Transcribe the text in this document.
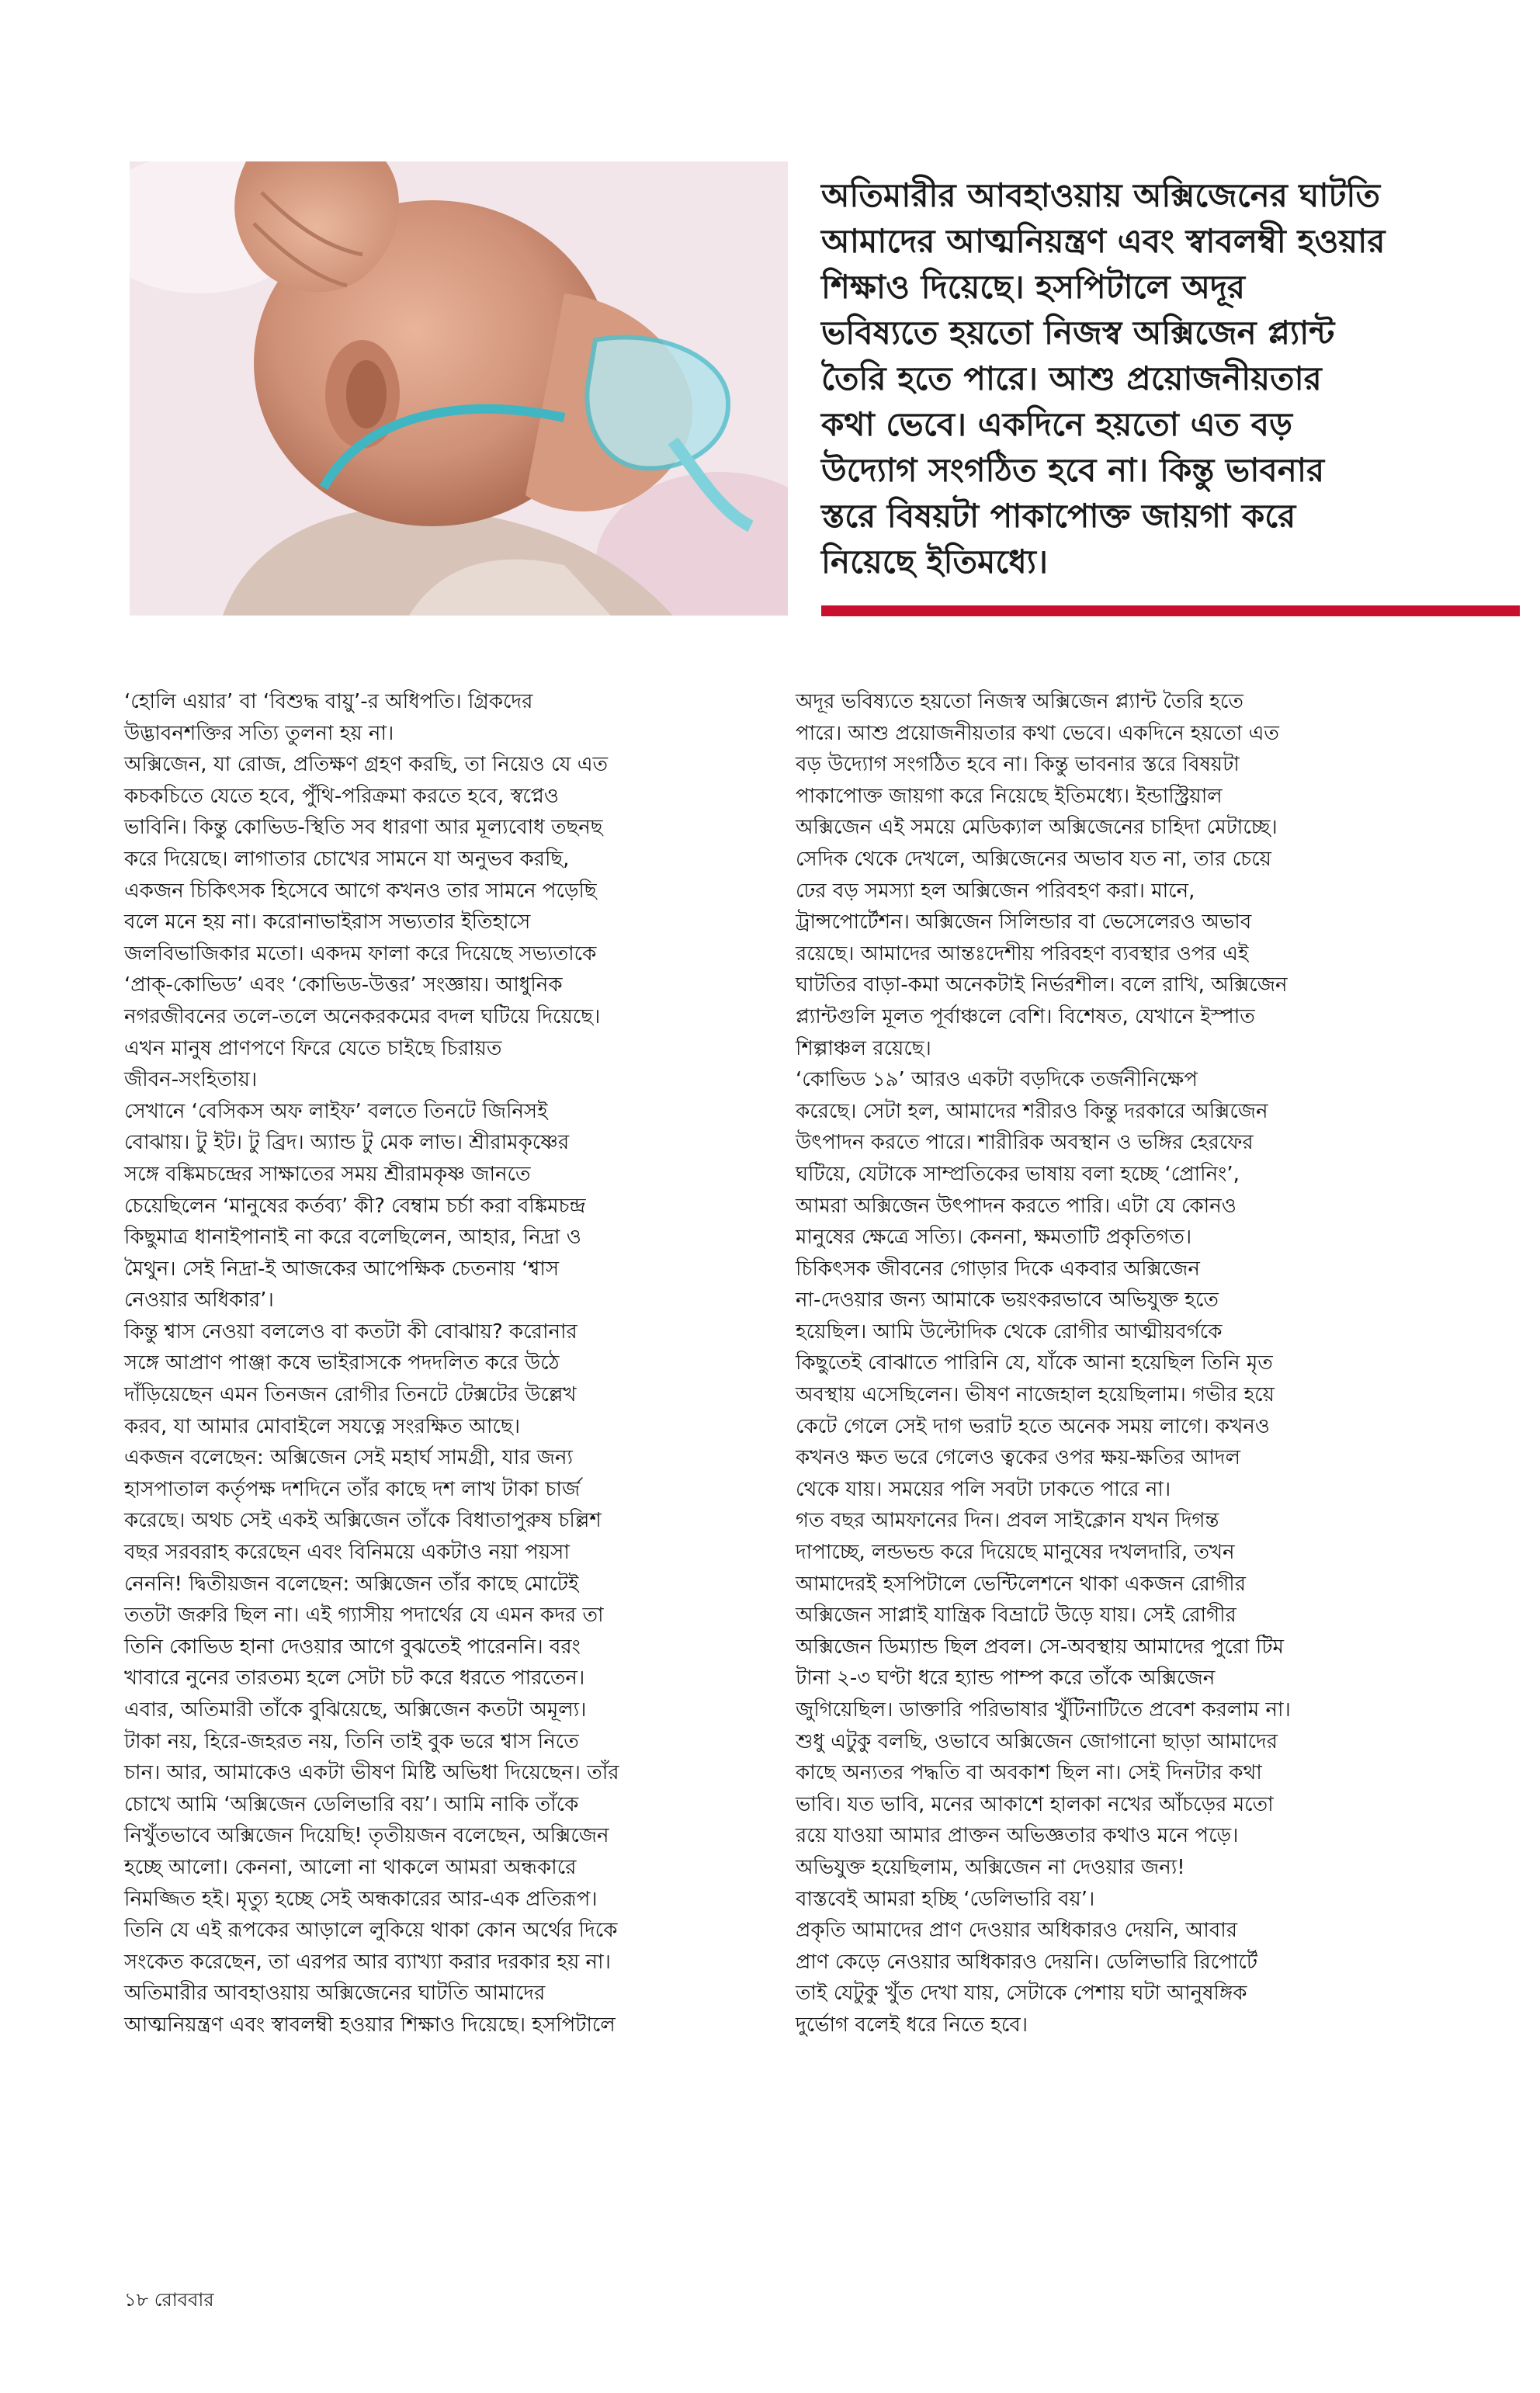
অতিমারীর আবহাওয়ায় অক্সিজেনের ঘাটতি
আমাদের আত্মনিয়ন্ত্রণ এবং স্বাবলম্বী হওয়ার
শিক্ষাও দিয়েছে। হসপিটালে অদূর
ভবিষ্যতে হয়তো নিজস্ব অক্সিজেন প্ল্যান্ট
তৈরি হতে পারে। আশু প্রয়োজনীয়তার
কথা ভেবে। একদিনে হয়তো এত বড়
উদ্যোগ সংগঠিত হবে না। কিন্তু ভাবনার
স্তরে বিষয়টা পাকাপোক্ত জায়গা করে
নিয়েছে ইতিমধ্যে।
‘হোলি এয়ার’ বা ‘বিশুদ্ধ বায়ু’-র অধিপতি। গ্রিকদের
উদ্ভাবনশক্তির সত্যি তুলনা হয় না।
অক্সিজেন, যা রোজ, প্রতিক্ষণ গ্রহণ করছি, তা নিয়েও যে এত
কচকচিতে যেতে হবে, পুঁথি-পরিক্রমা করতে হবে, স্বপ্নেও
ভাবিনি। কিন্তু কোভিড-স্থিতি সব ধারণা আর মূল্যবোধ তছনছ
করে দিয়েছে। লাগাতার চোখের সামনে যা অনুভব করছি,
একজন চিকিৎসক হিসেবে আগে কখনও তার সামনে পড়েছি
বলে মনে হয় না। করোনাভাইরাস সভ্যতার ইতিহাসে
জলবিভাজিকার মতো। একদম ফালা করে দিয়েছে সভ্যতাকে
‘প্রাক্-কোভিড’ এবং ‘কোভিড-উত্তর’ সংজ্ঞায়। আধুনিক
নগরজীবনের তলে-তলে অনেকরকমের বদল ঘটিয়ে দিয়েছে।
এখন মানুষ প্রাণপণে ফিরে যেতে চাইছে চিরায়ত
জীবন-সংহিতায়।
সেখানে ‘বেসিকস অফ লাইফ’ বলতে তিনটে জিনিসই
বোঝায়। টু ইট। টু ব্রিদ। অ্যান্ড টু মেক লাভ। শ্রীরামকৃষ্ণের
সঙ্গে বঙ্কিমচন্দ্রের সাক্ষাতের সময় শ্রীরামকৃষ্ণ জানতে
চেয়েছিলেন ‘মানুষের কর্তব্য’ কী? বেম্বাম চর্চা করা বঙ্কিমচন্দ্র
কিছুমাত্র ধানাইপানাই না করে বলেছিলেন, আহার, নিদ্রা ও
মৈথুন। সেই নিদ্রা-ই আজকের আপেক্ষিক চেতনায় ‘শ্বাস
নেওয়ার অধিকার’।
কিন্তু শ্বাস নেওয়া বললেও বা কতটা কী বোঝায়? করোনার
সঙ্গে আপ্রাণ পাঞ্জা কষে ভাইরাসকে পদদলিত করে উঠে
দাঁড়িয়েছেন এমন তিনজন রোগীর তিনটে টেক্সটের উল্লেখ
করব, যা আমার মোবাইলে সযত্নে সংরক্ষিত আছে।
একজন বলেছেন: অক্সিজেন সেই মহার্ঘ সামগ্রী, যার জন্য
হাসপাতাল কর্তৃপক্ষ দশদিনে তাঁর কাছে দশ লাখ টাকা চার্জ
করেছে। অথচ সেই একই অক্সিজেন তাঁকে বিধাতাপুরুষ চল্লিশ
বছর সরবরাহ করেছেন এবং বিনিময়ে একটাও নয়া পয়সা
নেননি! দ্বিতীয়জন বলেছেন: অক্সিজেন তাঁর কাছে মোটেই
ততটা জরুরি ছিল না। এই গ্যাসীয় পদার্থের যে এমন কদর তা
তিনি কোভিড হানা দেওয়ার আগে বুঝতেই পারেননি। বরং
খাবারে নুনের তারতম্য হলে সেটা চট করে ধরতে পারতেন।
এবার, অতিমারী তাঁকে বুঝিয়েছে, অক্সিজেন কতটা অমূল্য।
টাকা নয়, হিরে-জহরত নয়, তিনি তাই বুক ভরে শ্বাস নিতে
চান। আর, আমাকেও একটা ভীষণ মিষ্টি অভিধা দিয়েছেন। তাঁর
চোখে আমি ‘অক্সিজেন ডেলিভারি বয়’। আমি নাকি তাঁকে
নিখুঁতভাবে অক্সিজেন দিয়েছি! তৃতীয়জন বলেছেন, অক্সিজেন
হচ্ছে আলো। কেননা, আলো না থাকলে আমরা অন্ধকারে
নিমজ্জিত হই। মৃত্যু হচ্ছে সেই অন্ধকারের আর-এক প্রতিরূপ।
তিনি যে এই রূপকের আড়ালে লুকিয়ে থাকা কোন অর্থের দিকে
সংকেত করেছেন, তা এরপর আর ব্যাখ্যা করার দরকার হয় না।
অতিমারীর আবহাওয়ায় অক্সিজেনের ঘাটতি আমাদের
আত্মনিয়ন্ত্রণ এবং স্বাবলম্বী হওয়ার শিক্ষাও দিয়েছে। হসপিটালে
অদূর ভবিষ্যতে হয়তো নিজস্ব অক্সিজেন প্ল্যান্ট তৈরি হতে
পারে। আশু প্রয়োজনীয়তার কথা ভেবে। একদিনে হয়তো এত
বড় উদ্যোগ সংগঠিত হবে না। কিন্তু ভাবনার স্তরে বিষয়টা
পাকাপোক্ত জায়গা করে নিয়েছে ইতিমধ্যে। ইন্ডাস্ট্রিয়াল
অক্সিজেন এই সময়ে মেডিক্যাল অক্সিজেনের চাহিদা মেটাচ্ছে।
সেদিক থেকে দেখলে, অক্সিজেনের অভাব যত না, তার চেয়ে
ঢের বড় সমস্যা হল অক্সিজেন পরিবহণ করা। মানে,
ট্রান্সপোর্টেশন। অক্সিজেন সিলিন্ডার বা ভেসেলেরও অভাব
রয়েছে। আমাদের আন্তঃদেশীয় পরিবহণ ব্যবস্থার ওপর এই
ঘাটতির বাড়া-কমা অনেকটাই নির্ভরশীল। বলে রাখি, অক্সিজেন
প্ল্যান্টগুলি মূলত পূর্বাঞ্চলে বেশি। বিশেষত, যেখানে ইস্পাত
শিল্পাঞ্চল রয়েছে।
‘কোভিড ১৯’ আরও একটা বড়দিকে তর্জনীনিক্ষেপ
করেছে। সেটা হল, আমাদের শরীরও কিন্তু দরকারে অক্সিজেন
উৎপাদন করতে পারে। শারীরিক অবস্থান ও ভঙ্গির হেরফের
ঘটিয়ে, যেটাকে সাম্প্রতিকের ভাষায় বলা হচ্ছে ‘প্রোনিং’,
আমরা অক্সিজেন উৎপাদন করতে পারি। এটা যে কোনও
মানুষের ক্ষেত্রে সত্যি। কেননা, ক্ষমতাটি প্রকৃতিগত।
চিকিৎসক জীবনের গোড়ার দিকে একবার অক্সিজেন
না-দেওয়ার জন্য আমাকে ভয়ংকরভাবে অভিযুক্ত হতে
হয়েছিল। আমি উল্টোদিক থেকে রোগীর আত্মীয়বর্গকে
কিছুতেই বোঝাতে পারিনি যে, যাঁকে আনা হয়েছিল তিনি মৃত
অবস্থায় এসেছিলেন। ভীষণ নাজেহাল হয়েছিলাম। গভীর হয়ে
কেটে গেলে সেই দাগ ভরাট হতে অনেক সময় লাগে। কখনও
কখনও ক্ষত ভরে গেলেও ত্বকের ওপর ক্ষয়-ক্ষতির আদল
থেকে যায়। সময়ের পলি সবটা ঢাকতে পারে না।
গত বছর আমফানের দিন। প্রবল সাইক্লোন যখন দিগন্ত
দাপাচ্ছে, লন্ডভন্ড করে দিয়েছে মানুষের দখলদারি, তখন
আমাদেরই হসপিটালে ভেন্টিলেশনে থাকা একজন রোগীর
অক্সিজেন সাপ্লাই যান্ত্রিক বিভ্রাটে উড়ে যায়। সেই রোগীর
অক্সিজেন ডিম্যান্ড ছিল প্রবল। সে-অবস্থায় আমাদের পুরো টিম
টানা ২-৩ ঘণ্টা ধরে হ্যান্ড পাম্প করে তাঁকে অক্সিজেন
জুগিয়েছিল। ডাক্তারি পরিভাষার খুঁটিনাটিতে প্রবেশ করলাম না।
শুধু এটুকু বলছি, ওভাবে অক্সিজেন জোগানো ছাড়া আমাদের
কাছে অন্যতর পদ্ধতি বা অবকাশ ছিল না। সেই দিনটার কথা
ভাবি। যত ভাবি, মনের আকাশে হালকা নখের আঁচড়ের মতো
রয়ে যাওয়া আমার প্রাক্তন অভিজ্ঞতার কথাও মনে পড়ে।
অভিযুক্ত হয়েছিলাম, অক্সিজেন না দেওয়ার জন্য!
বাস্তবেই আমরা হচ্ছি ‘ডেলিভারি বয়’।
প্রকৃতি আমাদের প্রাণ দেওয়ার অধিকারও দেয়নি, আবার
প্রাণ কেড়ে নেওয়ার অধিকারও দেয়নি। ডেলিভারি রিপোর্টে
তাই যেটুকু খুঁত দেখা যায়, সেটাকে পেশায় ঘটা আনুষঙ্গিক
দুর্ভোগ বলেই ধরে নিতে হবে।
১৮ রোববার
